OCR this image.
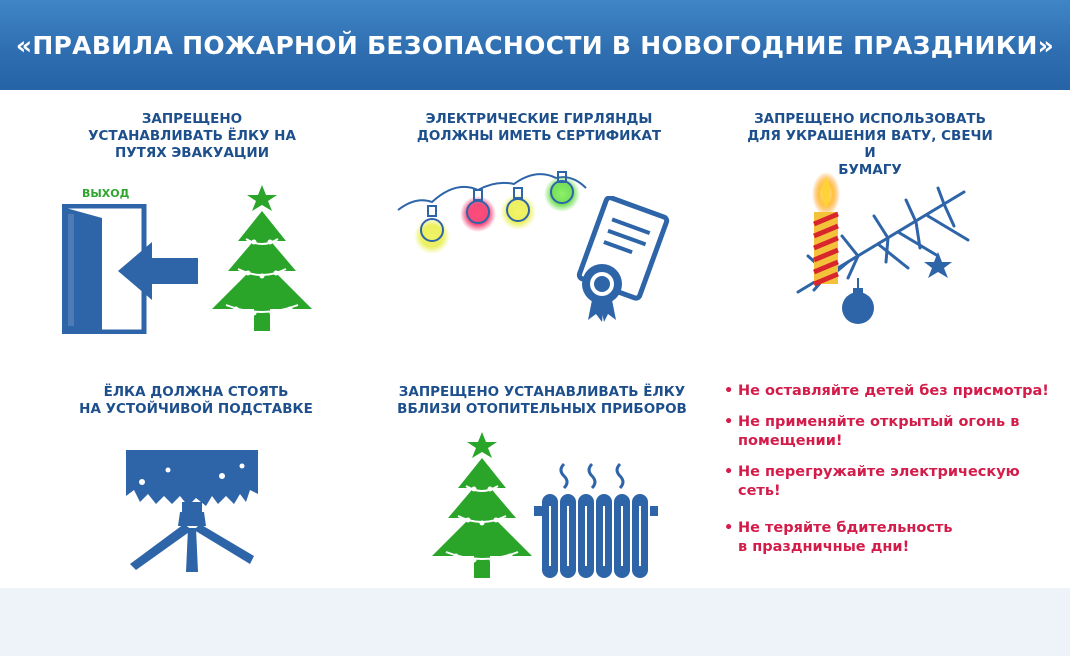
«ПРАВИЛА ПОЖАРНОЙ БЕЗОПАСНОСТИ В НОВОГОДНИЕ ПРАЗДНИКИ»
ЗАПРЕЩЕНО
УСТАНАВЛИВАТЬ ЁЛКУ НА
ПУТЯХ ЭВАКУАЦИИ
ВЫХОД
ЭЛЕКТРИЧЕСКИЕ ГИРЛЯНДЫ
ДОЛЖНЫ ИМЕТЬ СЕРТИФИКАТ
ЗАПРЕЩЕНО ИСПОЛЬЗОВАТЬ
ДЛЯ УКРАШЕНИЯ ВАТУ, СВЕЧИ И
БУМАГУ
ЁЛКА ДОЛЖНА СТОЯТЬ
НА УСТОЙЧИВОЙ ПОДСТАВКЕ
ЗАПРЕЩЕНО УСТАНАВЛИВАТЬ ЁЛКУ
ВБЛИЗИ ОТОПИТЕЛЬНЫХ ПРИБОРОВ
• Не оставляйте детей без присмотра!
• Не применяйте открытый огонь в помещении!
• Не перегружайте электрическую сеть!
• Не теряйте бдительность в праздничные дни!
